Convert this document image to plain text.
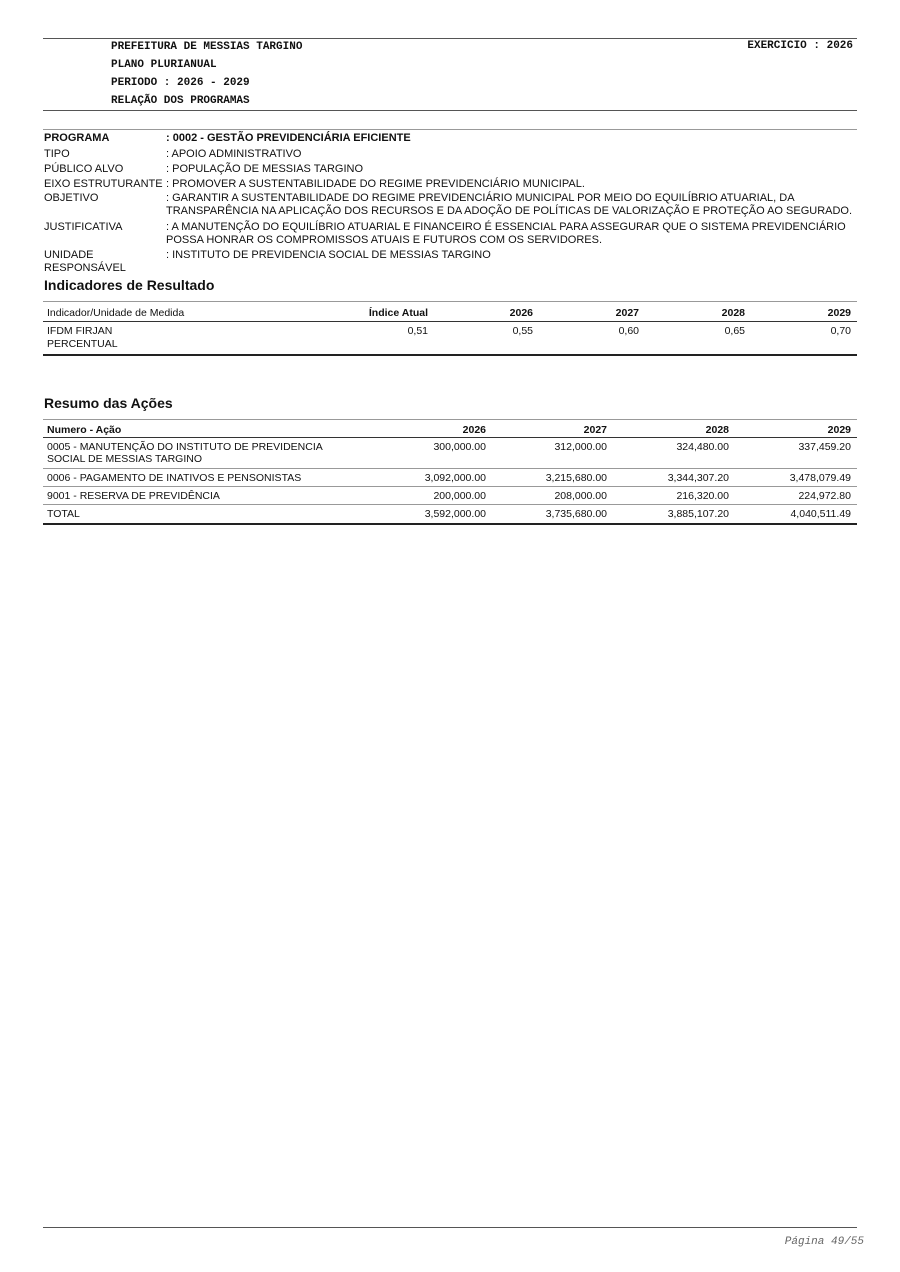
PREFEITURA DE MESSIAS TARGINO
PLANO PLURIANUAL
PERIODO : 2026 - 2029
RELAÇÃO DOS PROGRAMAS
EXERCICIO : 2026
PROGRAMA	: 0002 - GESTÃO PREVIDENCIÁRIA EFICIENTE
TIPO	: APOIO ADMINISTRATIVO
PÚBLICO ALVO	: POPULAÇÃO DE MESSIAS TARGINO
EIXO ESTRUTURANTE : PROMOVER A SUSTENTABILIDADE DO REGIME PREVIDENCIÁRIO MUNICIPAL.
OBJETIVO	: GARANTIR A SUSTENTABILIDADE DO REGIME PREVIDENCIÁRIO MUNICIPAL POR MEIO DO EQUILÍBRIO ATUARIAL, DA
TRANSPARÊNCIA NA APLICAÇÃO DOS RECURSOS E DA ADOÇÃO DE POLÍTICAS DE VALORIZAÇÃO E PROTEÇÃO AO SEGURADO.
JUSTIFICATIVA	: A MANUTENÇÃO DO EQUILÍBRIO ATUARIAL E FINANCEIRO É ESSENCIAL PARA ASSEGURAR QUE O SISTEMA PREVIDENCIÁRIO
POSSA HONRAR OS COMPROMISSOS ATUAIS E FUTUROS COM OS SERVIDORES.
UNIDADE
RESPONSÁVEL
: INSTITUTO DE PREVIDENCIA SOCIAL DE MESSIAS TARGINO
Indicadores de Resultado
Indicador/Unidade de Medida	Índice Atual	2026	2027	2028	2029
IFDM FIRJAN
PERCENTUAL
0,51	0,55	0,60	0,65	0,70
Resumo das Ações
Numero - Ação	2026	2027	2028	2029
0005 - MANUTENÇÃO DO INSTITUTO DE PREVIDENCIA
SOCIAL DE MESSIAS TARGINO
300,000.00	312,000.00	324,480.00	337,459.20
0006 - PAGAMENTO DE INATIVOS E PENSONISTAS	3,092,000.00	3,215,680.00	3,344,307.20	3,478,079.49
9001 - RESERVA DE PREVIDÊNCIA	200,000.00	208,000.00	216,320.00	224,972.80
TOTAL	3,592,000.00	3,735,680.00	3,885,107.20	4,040,511.49
Página 49/55
